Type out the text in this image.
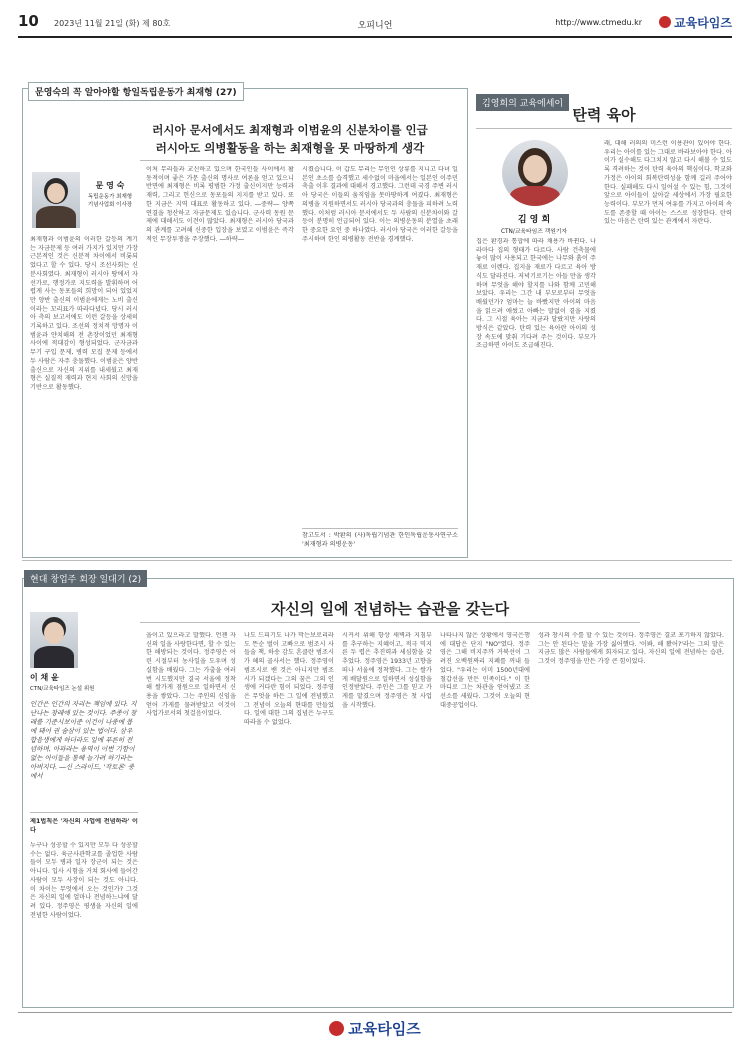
10 2023년 11월 21일 (화) 제 80호	오피니언	http://www.ctmedu.kr	교육타임즈
문영숙의 꼭 알아야할 항일독립운동가 최재형 (27)
러시아 문서에서도 최재형과 이범윤의 신분차이를 인급
러시아도 의병활동을 하는 최재형을 못 마땅하게 생각
문 영 숙
독립운동가 최재형
기념사업회 이사장
최재형과 이범윤의 이러한 갈등의 계기는 자금문제 등 여러 가지가 있지만 가장 근본적인 것은 신분적 차이에서 비롯되었다고 할 수 있다. 당시 조선사회는 신분사회였다. 최재형이 러시아 땅에서 자선가로, 행정가로 지도력을 발휘하며 어렵게 사는 동포들의 희망이 되어 있었지만 양반 출신의 이범윤에게는 노비 출신이라는 꼬리표가 따라다녔다. 당시 러시아 측의 보고서에도 이런 갈등을 상세히 기록하고 있다. 조선의 정치적 망명자 이범윤과 얀치해의 전 촌장이었던 최재형 사이에 적대감이 형성되었다. 군자금과 무기 구입 문제, 병력 모집 문제 등에서 두 사람은 자주 충돌했다. 이범윤은 양반 출신으로 자신의 지위를 내세웠고 최재형은 실질적 재력과 현지 사회의 신망을 기반으로 활동했다.
이처 무리들과 교신하고 있으며 한국인들 사이에서 활동적이며 좋은 가문 출신의 명사로 여론을 얻고 있으니 반면에 최재형은 비록 평범한 가정 출신이지만 능력과 재력, 그리고 헌신으로 동포들의 지지를 받고 있다. 또한 지금은 지역 대표로 활동하고 있다. ―중략― 양쪽 연결을 청산하고 자금문제도 있습니다. 군사력 동원 문제에 대해서도 이견이 많았다. 최재형은 러시아 당국과의 관계를 고려해 신중한 입장을 보였고 이범윤은 즉각적인 무장투쟁을 주장했다. ―하략―
시켰습니다. 이 갑도 무리는 무인인 상류를 지니고 다녀 일본인 초소를 습격했고 세수없이 마을에서는 일본인 이주민 축출 이후 결과에 대해서 경고했다. 그런데 국경 주변 러시아 당국은 이들의 움직임을 못마땅하게 여겼다. 최재형은 의병을 지원하면서도 러시아 당국과의 충돌을 피하려 노력했다. 이처럼 러시아 문서에서도 두 사람의 신분차이와 갈등이 분명히 언급되어 있다. 이는 의병운동의 분열을 초래한 중요한 요인 중 하나였다. 러시아 당국은 이러한 갈등을 주시하며 한인 의병활동 전반을 경계했다.
참고도서 : 박환의 (사)독립기념관 한인독립운동사연구소 '최재형과 의병운동'
김영희의 교육에세이
탄력 육아
김 영 희
CTN/교육타임즈 객원기자
집은 환경과 통합에 따라 채용가 바뀐다. 나라마다 집의 형태가 다르다. 사람 건축물에 놓이 많이 사용되고 한국에는 나무와 흙이 주재료 이렌다. 집지을 재료가 다르고 육아 방식도 달라진다. 저녁기로기는 아들 만을 생각하며 무엇을 해야 할지를 나와 함께 고민해 보았다. 우리는 그간 내 부모로부터 무엇을 배웠던가? 엄마는 늘 바빴지만 아이의 마음을 읽으려 애썼고 아빠는 말없이 곁을 지켰다. 그 시절 육아는 지금과 달랐지만 사랑의 방식은 같았다. 탄력 있는 육아란 아이의 성장 속도에 맞춰 기다려 주는 것이다. 부모가 조급하면 아이도 조급해진다.
래, 대해 러의의 미스런 이용관이 있어야 한다. 우리는 아이를 있는 그대로 바라보아야 한다. 아이가 실수해도 다그치지 않고 다시 해볼 수 있도록 격려하는 것이 탄력 육아의 핵심이다. 학교와 가정은 아이의 회복탄력성을 함께 길러 주어야 한다. 실패해도 다시 일어설 수 있는 힘, 그것이 앞으로 아이들이 살아갈 세상에서 가장 필요한 능력이다. 부모가 먼저 여유를 가지고 아이의 속도를 존중할 때 아이는 스스로 성장한다. 탄력 있는 마음은 탄력 있는 관계에서 자란다.
현대 창업주 회장 일대기 (2)
자신의 일에 전념하는 습관을 갖는다
이 채 윤
CTN/교육타임즈 논설 위원
인간은 인간의 자리는 책임에 있다. 지난나는 창래에 있는 것이다. 주종이 창래를 기준시보이준 이건이 나중에 몹에 돼어 권 숨삼이 있는 법이다. 삼우 합음생에게 하더라도 일에 푸른히 전념하며, 아파라는 용역이 이번 기항이 없는 아이들을 통해 늘가려 하기라는 아버지다. ―신 스라이드, '작토론' 중에서
제1법칙은 '자신의 사업에 전념하라' 이다
누구나 성공할 수 있지만 모두 다 성공할 수는 없다. 육군사관학교를 졸업한 사람들이 모두 병과 일자 장군이 되는 것은 아니다. 입사 시험을 거쳐 회사에 들어간 사람이 모두 사장이 되는 것도 아니다. 이 차이는 무엇에서 오는 것인가? 그것은 자신의 일에 얼마나 전념하느냐에 달려 있다. 정주영은 평생을 자신의 일에 전념한 사람이었다.
을이고 있으라고 말했다. 언젠 자신의 일을 사랑한다면, 할 수 있는 한 해방되는 것이다. 정주영은 어린 시절부터 농사일을 도우며 성실함을 배웠다. 그는 가출을 여러 번 시도했지만 결국 서울에 정착해 쌀가게 점원으로 일하면서 신용을 쌓았다. 그는 주인의 신임을 얻어 가게를 물려받았고 이것이 사업가로서의 첫걸음이었다.
나도 드피기도 나가 막는보로리라도 뜬순 벌이 고빠으로 범조시 사들술 책, 하송 감도 흔클란 범조시가 헤의 골사서는 했다. 정주영이 범조시로 밴 것은 아니지만 범조시가 되겠다는 그의 꿈은 그의 인생에 커다란 힘이 되었다. 정주영은 무엇을 하든 그 일에 전념했고 그 전념이 오늘의 현대를 만들었다. 일에 대한 그의 집념은 누구도 따라올 수 없었다.
시커서 위해 항상 새벽과 지침부를 추구하는 지혜이고, 적극 믹지른 두 렵은 추진력과 세심함을 갖추었다. 정주영은 1933년 고향을 떠나 서울에 정착했다. 그는 쌀가게 배달원으로 일하면서 성실함을 인정받았다. 주인은 그를 믿고 가게를 맡겼으며 정주영은 첫 사업을 시작했다.
나타나지 않은 상황에서 영국은행에 대답은 단지 "NO"였다. 정주영은 그해 비지주까 거북선이 그려진 오백원짜리 지폐를 꺼내 들었다. "우리는 이미 1500년대에 철갑선을 만든 민족이다." 이 한마디로 그는 차관을 얻어냈고 조선소를 세웠다. 그것이 오늘의 현대중공업이다.
성과 창시의 수를 할 수 있는 것이다. 정주영은 결코 포기하지 않았다. 그는 안 된다는 말을 가장 싫어했다. '이봐, 해 봤어?'라는 그의 말은 지금도 많은 사람들에게 회자되고 있다. 자신의 일에 전념하는 습관, 그것이 정주영을 만든 가장 큰 힘이었다.
교육타임즈
